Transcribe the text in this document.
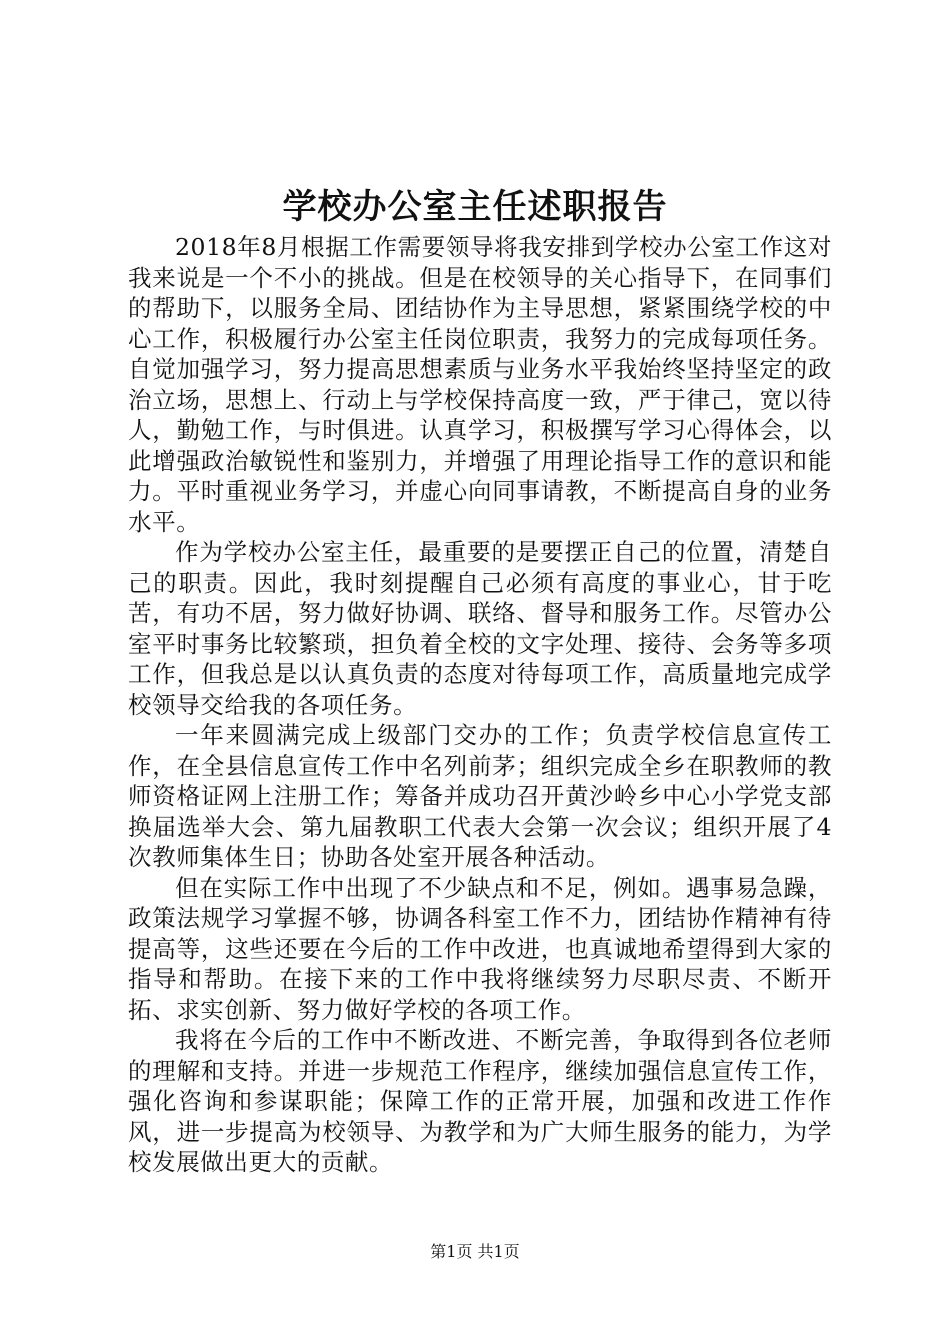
学校办公室主任述职报告

2018年8月根据工作需要领导将我安排到学校办公室工作这对我来说是一个不小的挑战。但是在校领导的关心指导下，在同事们的帮助下，以服务全局、团结协作为主导思想，紧紧围绕学校的中心工作，积极履行办公室主任岗位职责，我努力的完成每项任务。自觉加强学习，努力提高思想素质与业务水平我始终坚持坚定的政治立场，思想上、行动上与学校保持高度一致，严于律己，宽以待人，勤勉工作，与时俱进。认真学习，积极撰写学习心得体会，以此增强政治敏锐性和鉴别力，并增强了用理论指导工作的意识和能力。平时重视业务学习，并虚心向同事请教，不断提高自身的业务水平。

作为学校办公室主任，最重要的是要摆正自己的位置，清楚自己的职责。因此，我时刻提醒自己必须有高度的事业心，甘于吃苦，有功不居，努力做好协调、联络、督导和服务工作。尽管办公室平时事务比较繁琐，担负着全校的文字处理、接待、会务等多项工作，但我总是以认真负责的态度对待每项工作，高质量地完成学校领导交给我的各项任务。

一年来圆满完成上级部门交办的工作；负责学校信息宣传工作，在全县信息宣传工作中名列前茅；组织完成全乡在职教师的教师资格证网上注册工作；筹备并成功召开黄沙岭乡中心小学党支部换届选举大会、第九届教职工代表大会第一次会议；组织开展了4次教师集体生日；协助各处室开展各种活动。

但在实际工作中出现了不少缺点和不足，例如。遇事易急躁，政策法规学习掌握不够，协调各科室工作不力，团结协作精神有待提高等，这些还要在今后的工作中改进，也真诚地希望得到大家的指导和帮助。在接下来的工作中我将继续努力尽职尽责、不断开拓、求实创新、努力做好学校的各项工作。

我将在今后的工作中不断改进、不断完善，争取得到各位老师的理解和支持。并进一步规范工作程序，继续加强信息宣传工作，强化咨询和参谋职能；保障工作的正常开展，加强和改进工作作风，进一步提高为校领导、为教学和为广大师生服务的能力，为学校发展做出更大的贡献。

第1页 共1页
